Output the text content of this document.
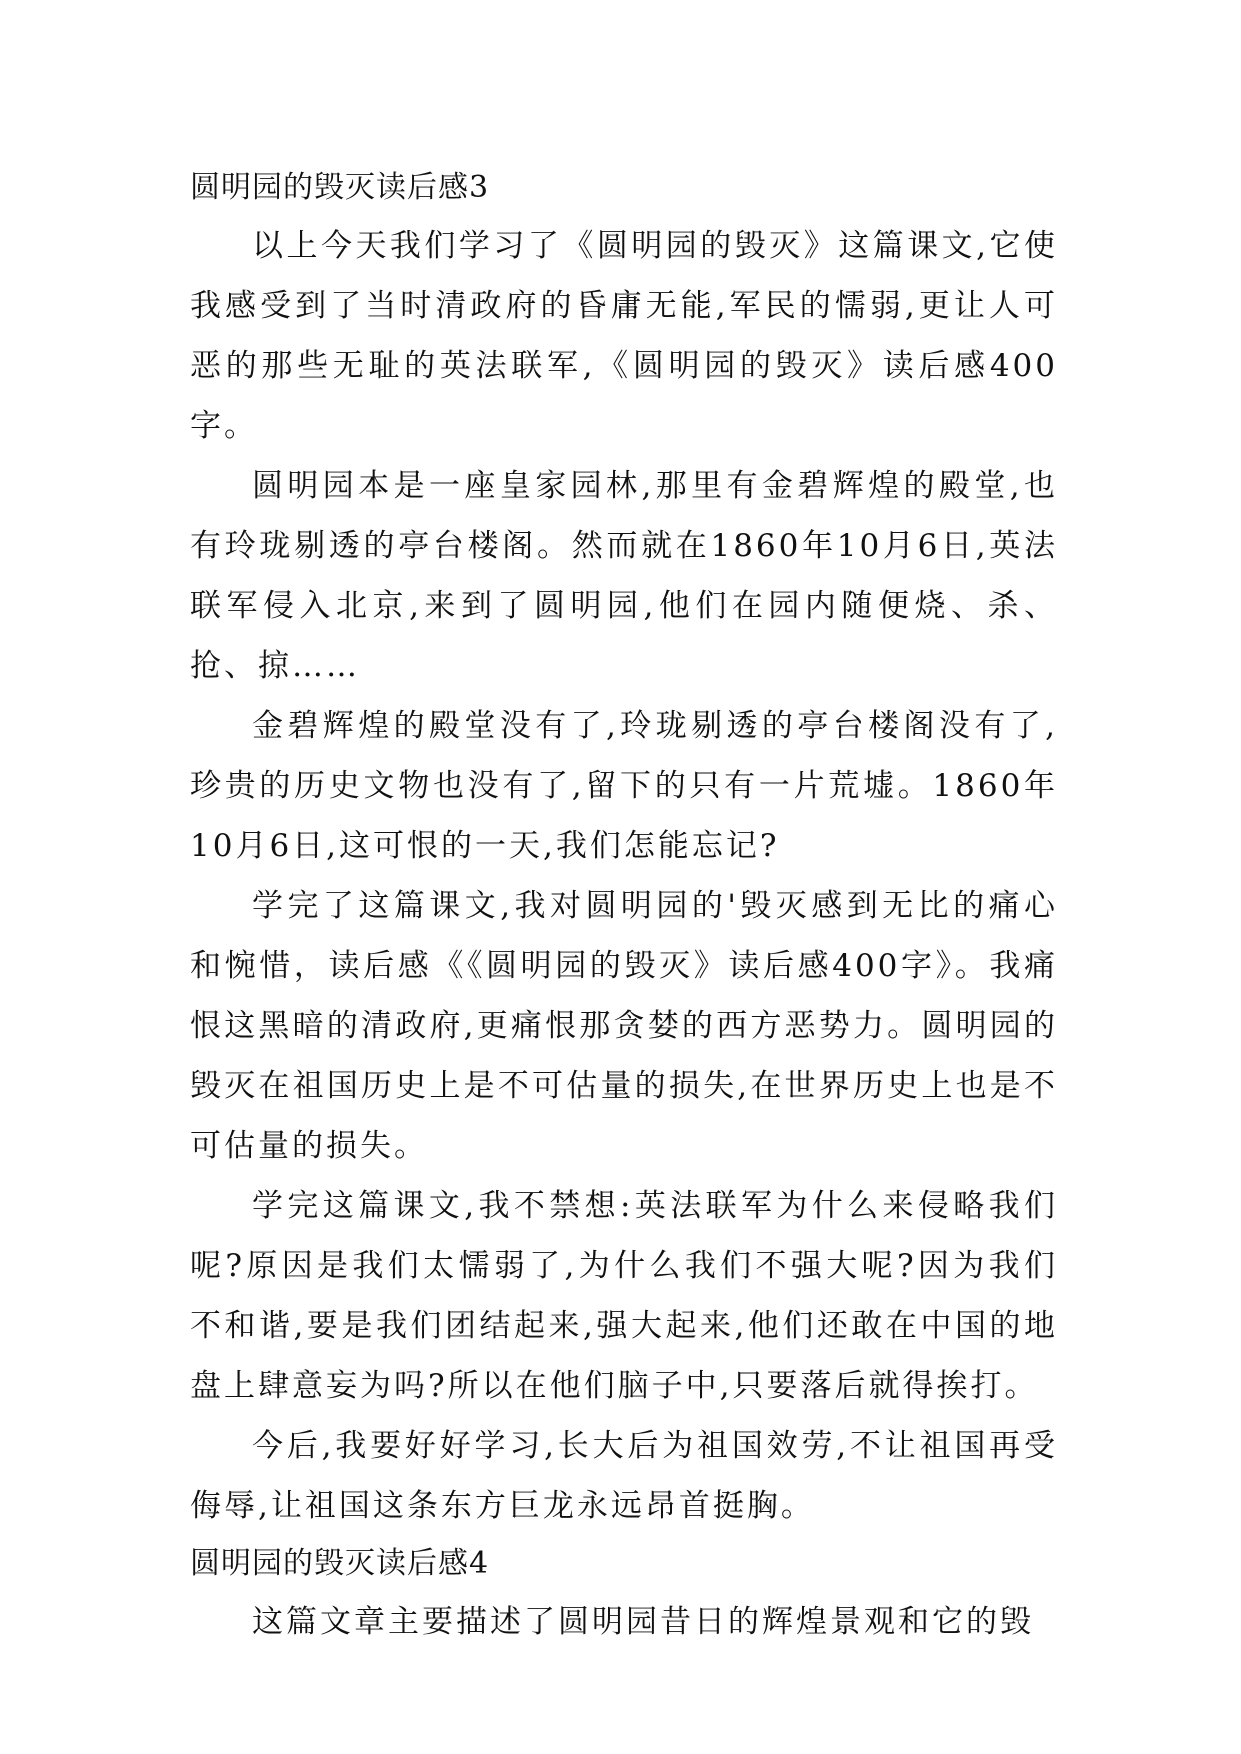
圆明园的毁灭读后感3

以上今天我们学习了《圆明园的毁灭》这篇课文,它使我感受到了当时清政府的昏庸无能,军民的懦弱,更让人可恶的那些无耻的英法联军,《圆明园的毁灭》读后感400字。

圆明园本是一座皇家园林,那里有金碧辉煌的殿堂,也有玲珑剔透的亭台楼阁。然而就在1860年10月6日,英法联军侵入北京,来到了圆明园,他们在园内随便烧、杀、抢、掠……

金碧辉煌的殿堂没有了,玲珑剔透的亭台楼阁没有了,珍贵的历史文物也没有了,留下的只有一片荒墟。1860年10月6日,这可恨的一天,我们怎能忘记?

学完了这篇课文,我对圆明园的'毁灭感到无比的痛心和惋惜，读后感《《圆明园的毁灭》读后感400字》。我痛恨这黑暗的清政府,更痛恨那贪婪的西方恶势力。圆明园的毁灭在祖国历史上是不可估量的损失,在世界历史上也是不可估量的损失。

学完这篇课文,我不禁想:英法联军为什么来侵略我们呢?原因是我们太懦弱了,为什么我们不强大呢?因为我们不和谐,要是我们团结起来,强大起来,他们还敢在中国的地盘上肆意妄为吗?所以在他们脑子中,只要落后就得挨打。

今后,我要好好学习,长大后为祖国效劳,不让祖国再受侮辱,让祖国这条东方巨龙永远昂首挺胸。

圆明园的毁灭读后感4

这篇文章主要描述了圆明园昔日的辉煌景观和它的毁
